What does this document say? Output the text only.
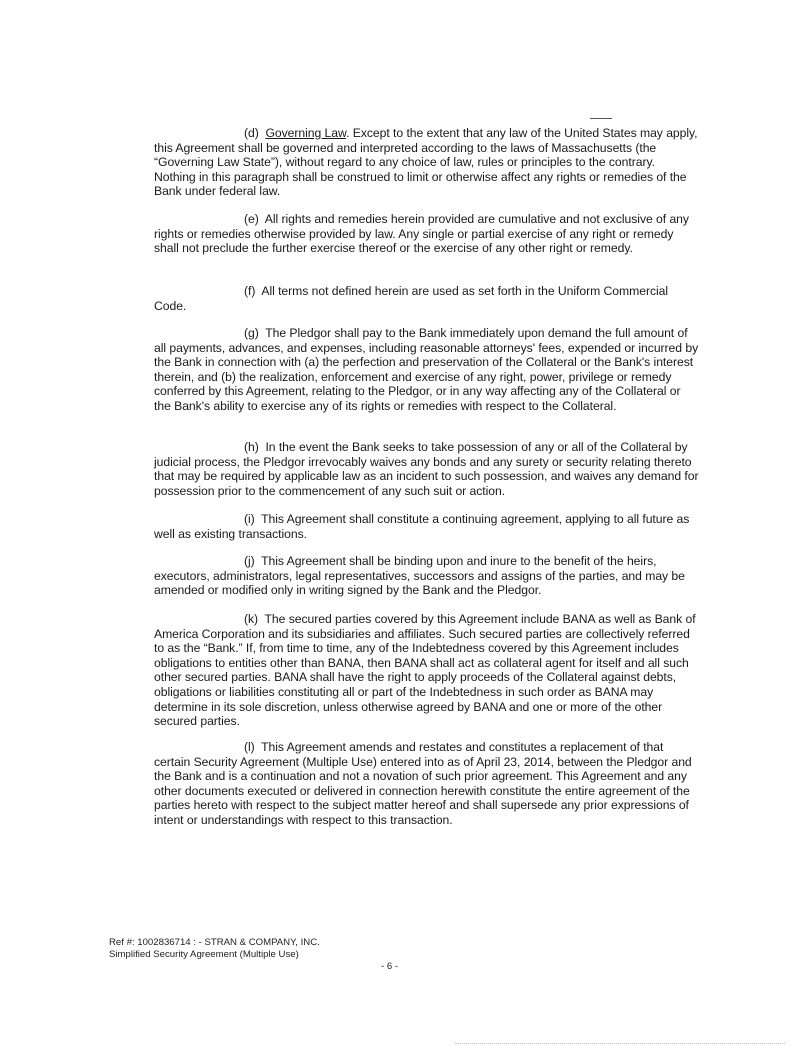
(d) Governing Law. Except to the extent that any law of the United States may apply, this Agreement shall be governed and interpreted according to the laws of Massachusetts (the “Governing Law State”), without regard to any choice of law, rules or principles to the contrary. Nothing in this paragraph shall be construed to limit or otherwise affect any rights or remedies of the Bank under federal law.

(e) All rights and remedies herein provided are cumulative and not exclusive of any rights or remedies otherwise provided by law. Any single or partial exercise of any right or remedy shall not preclude the further exercise thereof or the exercise of any other right or remedy.

(f) All terms not defined herein are used as set forth in the Uniform Commercial Code.

(g) The Pledgor shall pay to the Bank immediately upon demand the full amount of all payments, advances, and expenses, including reasonable attorneys' fees, expended or incurred by the Bank in connection with (a) the perfection and preservation of the Collateral or the Bank's interest therein, and (b) the realization, enforcement and exercise of any right, power, privilege or remedy conferred by this Agreement, relating to the Pledgor, or in any way affecting any of the Collateral or the Bank's ability to exercise any of its rights or remedies with respect to the Collateral.

(h) In the event the Bank seeks to take possession of any or all of the Collateral by judicial process, the Pledgor irrevocably waives any bonds and any surety or security relating thereto that may be required by applicable law as an incident to such possession, and waives any demand for possession prior to the commencement of any such suit or action.

(i) This Agreement shall constitute a continuing agreement, applying to all future as well as existing transactions.

(j) This Agreement shall be binding upon and inure to the benefit of the heirs, executors, administrators, legal representatives, successors and assigns of the parties, and may be amended or modified only in writing signed by the Bank and the Pledgor.

(k) The secured parties covered by this Agreement include BANA as well as Bank of America Corporation and its subsidiaries and affiliates. Such secured parties are collectively referred to as the “Bank.” If, from time to time, any of the Indebtedness covered by this Agreement includes obligations to entities other than BANA, then BANA shall act as collateral agent for itself and all such other secured parties. BANA shall have the right to apply proceeds of the Collateral against debts, obligations or liabilities constituting all or part of the Indebtedness in such order as BANA may determine in its sole discretion, unless otherwise agreed by BANA and one or more of the other secured parties.

(l) This Agreement amends and restates and constitutes a replacement of that certain Security Agreement (Multiple Use) entered into as of April 23, 2014, between the Pledgor and the Bank and is a continuation and not a novation of such prior agreement. This Agreement and any other documents executed or delivered in connection herewith constitute the entire agreement of the parties hereto with respect to the subject matter hereof and shall supersede any prior expressions of intent or understandings with respect to this transaction.

Ref #: 1002836714 : - STRAN & COMPANY, INC.
Simplified Security Agreement (Multiple Use)
- 6 -
